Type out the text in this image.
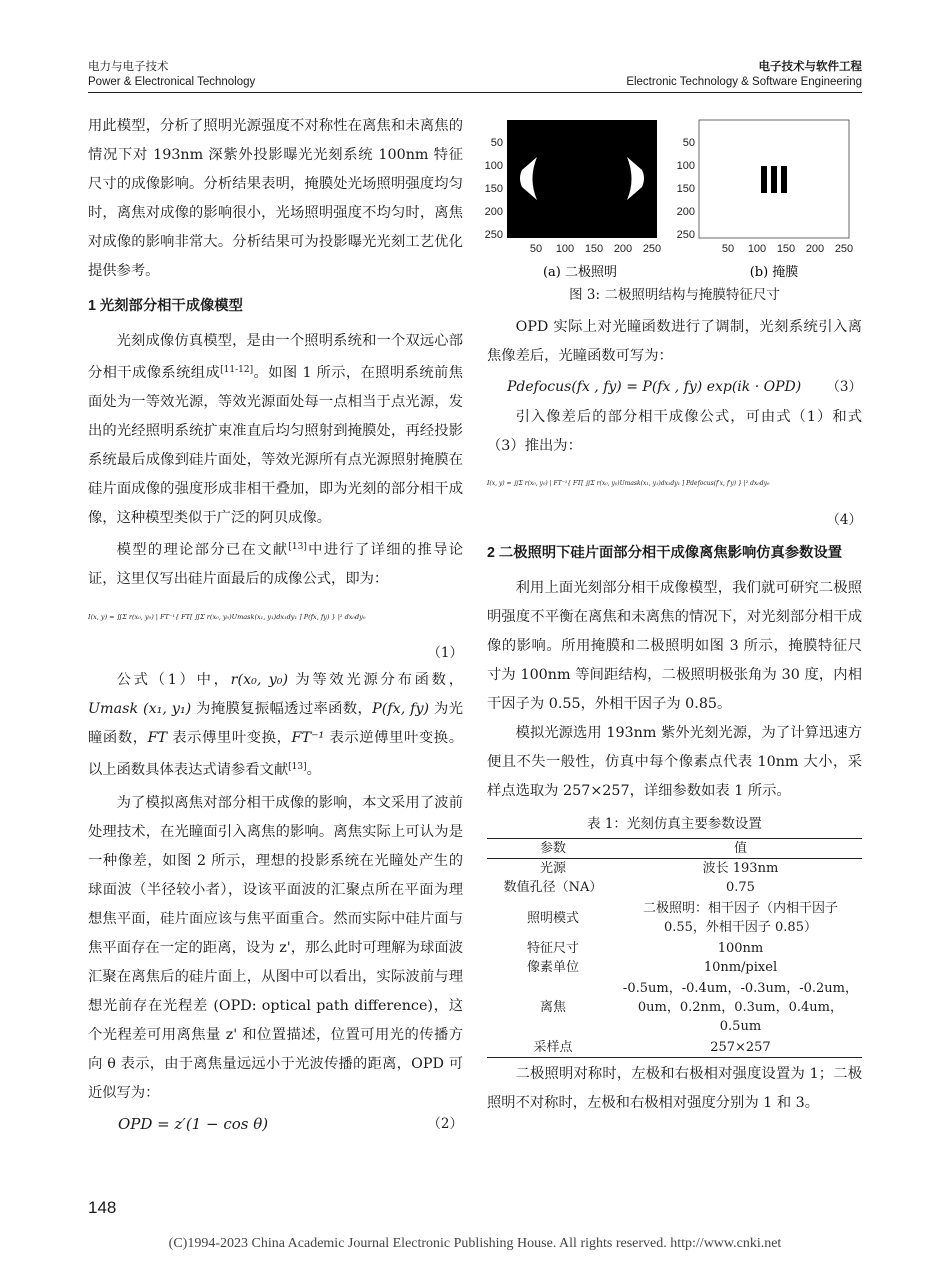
电力与电子技术
Power & Electronical Technology
电子技术与软件工程
Electronic Technology & Software Engineering

用此模型，分析了照明光源强度不对称性在离焦和未离焦的情况下对 193nm 深紫外投影曝光光刻系统 100nm 特征尺寸的成像影响。分析结果表明，掩膜处光场照明强度均匀时，离焦对成像的影响很小，光场照明强度不均匀时，离焦对成像的影响非常大。分析结果可为投影曝光光刻工艺优化提供参考。

1 光刻部分相干成像模型

光刻成像仿真模型，是由一个照明系统和一个双远心部分相干成像系统组成[11-12]。如图 1 所示，在照明系统前焦面处为一等效光源，等效光源面处每一点相当于点光源，发出的光经照明系统扩束准直后均匀照射到掩膜处，再经投影系统最后成像到硅片面处，等效光源所有点光源照射掩膜在硅片面成像的强度形成非相干叠加，即为光刻的部分相干成像，这种模型类似于广泛的阿贝成像。

模型的理论部分已在文献[13]中进行了详细的推导论证，这里仅写出硅片面最后的成像公式，即为：

I(x, y) = ∬Σ r(x₀, y₀) | FT⁻¹{ FT[ ∬Σ r(x₀, y₀)Umask(x₁, y₁)dx₁dy₁ ] P(fx, fy) } |² dx₀dy₀
（1）

公式（1）中，r(x₀, y₀) 为等效光源分布函数，Umask (x₁, y₁) 为掩膜复振幅透过率函数，P(fx, fy) 为光瞳函数，FT 表示傅里叶变换，FT⁻¹ 表示逆傅里叶变换。以上函数具体表达式请参看文献[13]。

为了模拟离焦对部分相干成像的影响，本文采用了波前处理技术，在光瞳面引入离焦的影响。离焦实际上可认为是一种像差，如图 2 所示，理想的投影系统在光瞳处产生的球面波（半径较小者），设该平面波的汇聚点所在平面为理想焦平面，硅片面应该与焦平面重合。然而实际中硅片面与焦平面存在一定的距离，设为 z'，那么此时可理解为球面波汇聚在离焦后的硅片面上，从图中可以看出，实际波前与理想光前存在光程差 (OPD: optical path difference)，这个光程差可用离焦量 z' 和位置描述，位置可用光的传播方向 θ 表示，由于离焦量远远小于光波传播的距离，OPD 可近似写为：

OPD = z′(1 − cos θ)	（2）
50
100
150
200
250
50 100 150 200 250
50
100
150
200
250
50 100 150 200 250
(a) 二极照明	(b) 掩膜
图 3: 二极照明结构与掩膜特征尺寸

OPD 实际上对光瞳函数进行了调制，光刻系统引入离焦像差后，光瞳函数可写为：

Pdefocus(fx , fy) = P(fx , fy) exp(ik · OPD) （3）

引入像差后的部分相干成像公式，可由式（1）和式（3）推出为：

I(x, y) = ∬Σ r(x₀, y₀) | FT⁻¹{ FT[ ∬Σ r(x₀, y₀)Umask(x₁, y₁)dx₁dy₁ ] Pdefocus(f′x, f′y) } |² dx₀dy₀
（4）
2 二极照明下硅片面部分相干成像离焦影响仿真参数设置

利用上面光刻部分相干成像模型，我们就可研究二极照明强度不平衡在离焦和未离焦的情况下，对光刻部分相干成像的影响。所用掩膜和二极照明如图 3 所示，掩膜特征尺寸为 100nm 等间距结构，二极照明极张角为 30 度，内相干因子为 0.55，外相干因子为 0.85。

模拟光源选用 193nm 紫外光刻光源，为了计算迅速方便且不失一般性，仿真中每个像素点代表 10nm 大小，采样点选取为 257×257，详细参数如表 1 所示。

表 1：光刻仿真主要参数设置
参数	值
光源	波长 193nm
数值孔径（NA）	0.75
照明模式	二极照明：相干因子（内相干因子 0.55，外相干因子 0.85）
特征尺寸	100nm
像素单位	10nm/pixel
离焦	-0.5um，-0.4um，-0.3um，-0.2um，0um，0.2nm，0.3um，0.4um，0.5um
采样点	257×257

二极照明对称时，左极和右极相对强度设置为 1；二极照明不对称时，左极和右极相对强度分别为 1 和 3。

148
(C)1994-2023 China Academic Journal Electronic Publishing House. All rights reserved. http://www.cnki.net
